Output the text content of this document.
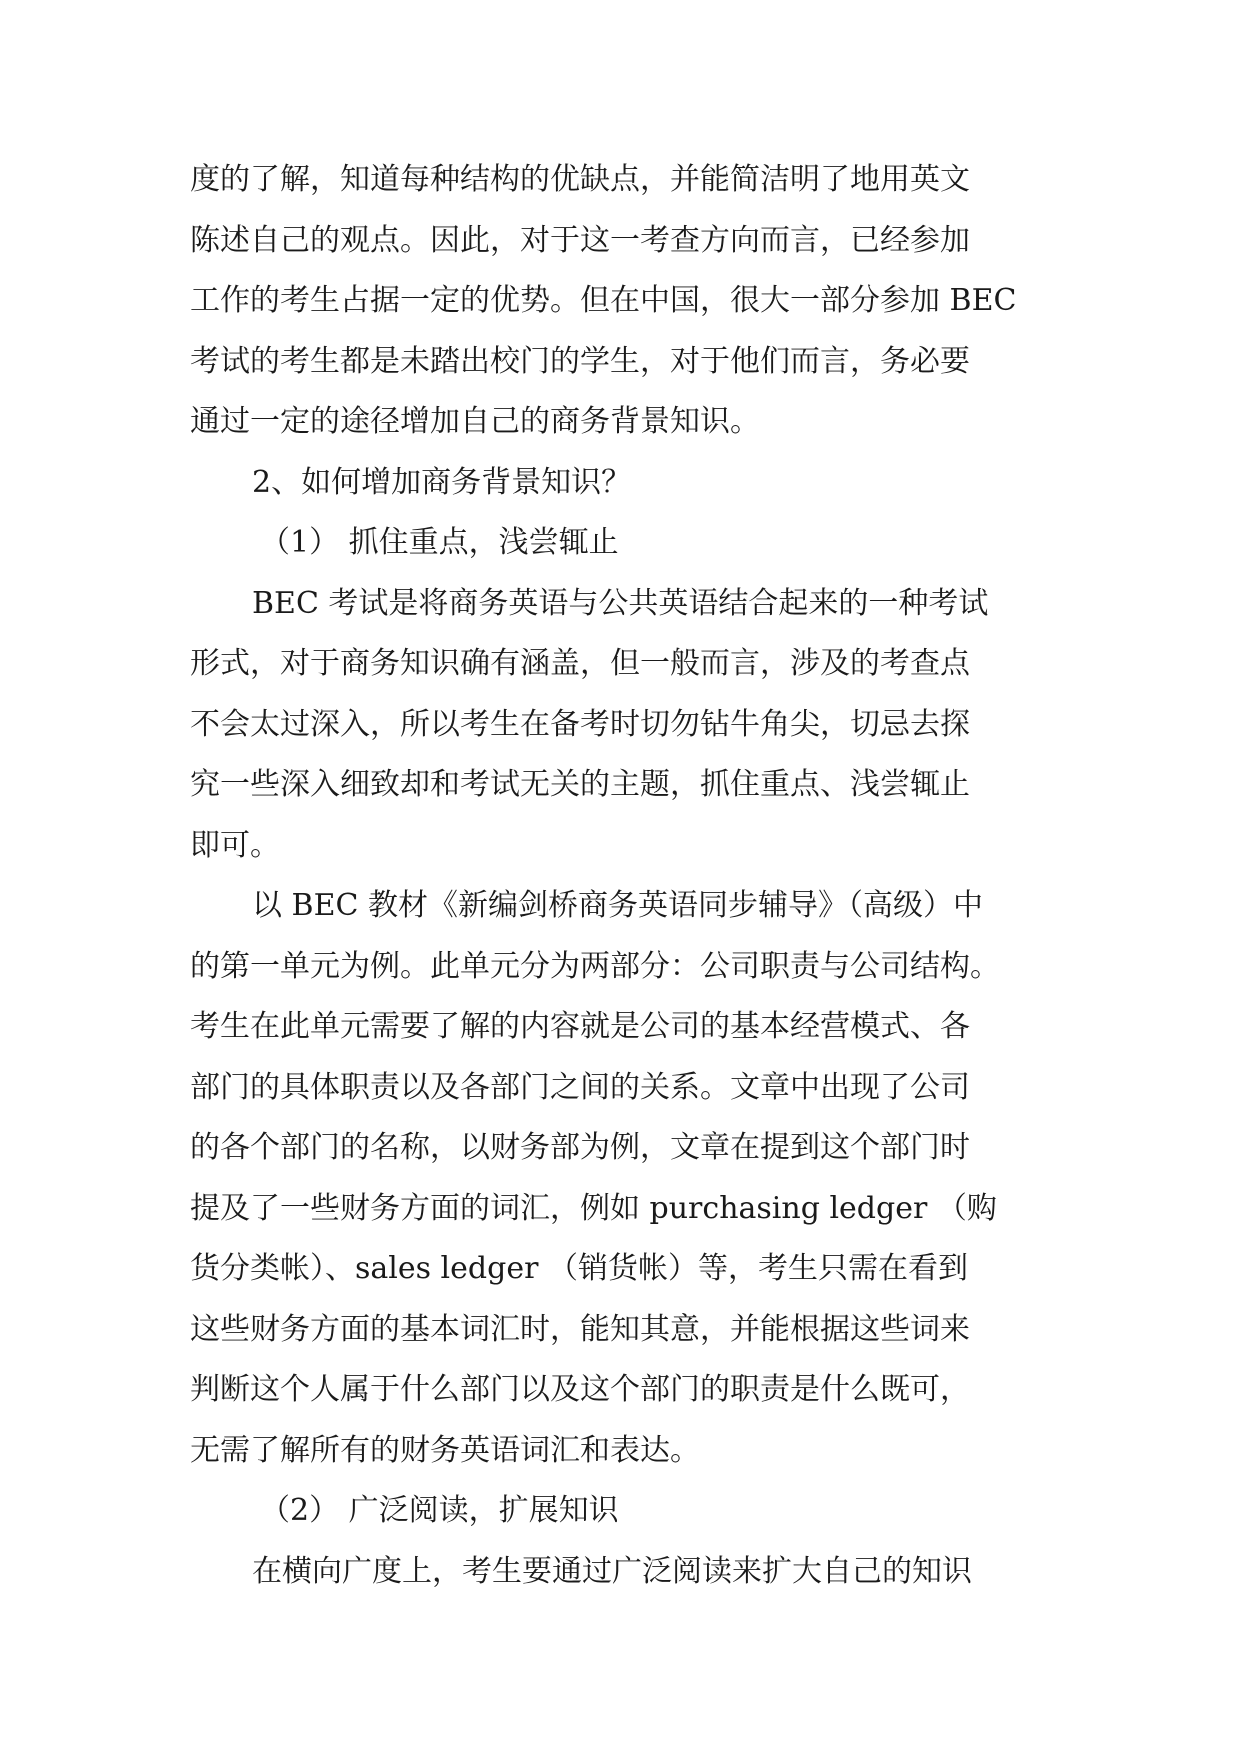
度的了解，知道每种结构的优缺点，并能简洁明了地用英文
陈述自己的观点。因此，对于这一考查方向而言，已经参加
工作的考生占据一定的优势。但在中国，很大一部分参加 BEC
考试的考生都是未踏出校门的学生，对于他们而言，务必要
通过一定的途径增加自己的商务背景知识。
2、如何增加商务背景知识？
（1） 抓住重点，浅尝辄止
BEC 考试是将商务英语与公共英语结合起来的一种考试
形式，对于商务知识确有涵盖，但一般而言，涉及的考查点
不会太过深入，所以考生在备考时切勿钻牛角尖，切忌去探
究一些深入细致却和考试无关的主题，抓住重点、浅尝辄止
即可。
以 BEC 教材《新编剑桥商务英语同步辅导》（高级）中
的第一单元为例。此单元分为两部分：公司职责与公司结构。
考生在此单元需要了解的内容就是公司的基本经营模式、各
部门的具体职责以及各部门之间的关系。文章中出现了公司
的各个部门的名称，以财务部为例，文章在提到这个部门时
提及了一些财务方面的词汇，例如 purchasing ledger （购
货分类帐）、sales ledger （销货帐）等，考生只需在看到
这些财务方面的基本词汇时，能知其意，并能根据这些词来
判断这个人属于什么部门以及这个部门的职责是什么既可，
无需了解所有的财务英语词汇和表达。
（2） 广泛阅读，扩展知识
在横向广度上，考生要通过广泛阅读来扩大自己的知识
